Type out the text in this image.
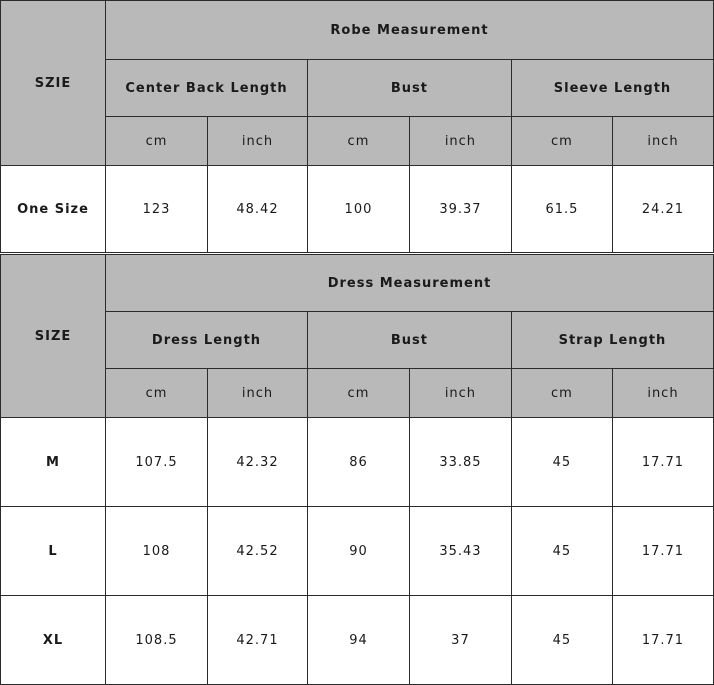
SZIE	Robe Measurement					
	Center Back Length		Bust		Sleeve Length	
	cm	inch	cm	inch	cm	inch
One Size	123	48.42	100	39.37	61.5	24.21
SIZE	Dress Measurement					
	Dress Length		Bust		Strap Length	
	cm	inch	cm	inch	cm	inch
M	107.5	42.32	86	33.85	45	17.71
L	108	42.52	90	35.43	45	17.71
XL	108.5	42.71	94	37	45	17.71
